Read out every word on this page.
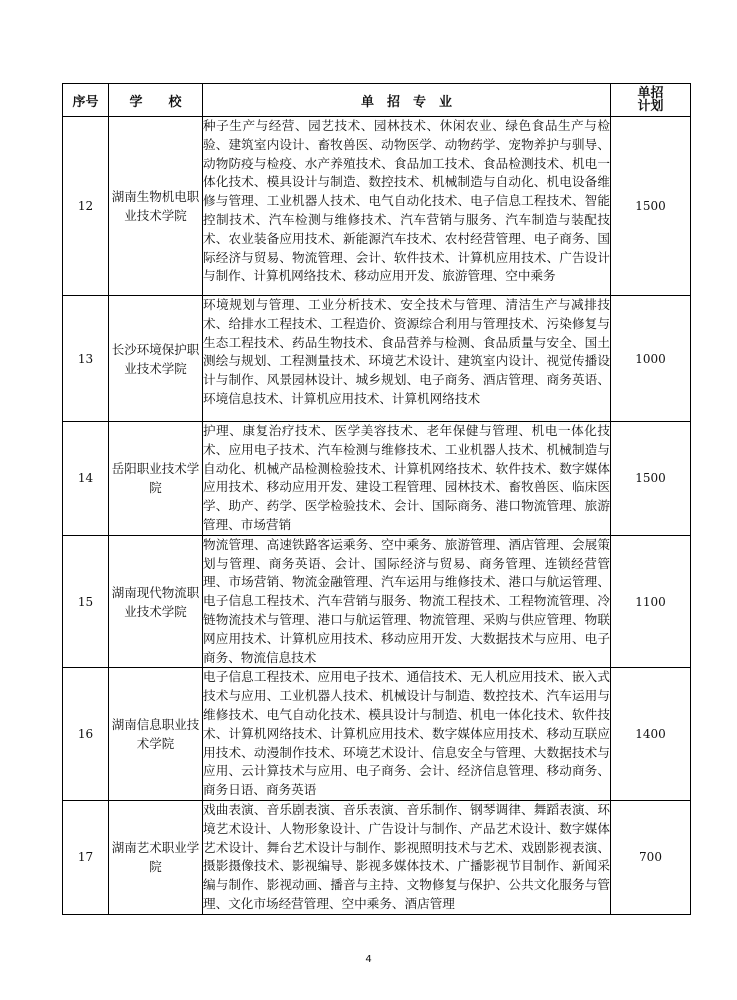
序号	学　　校	单　招　专　业	单招
计划

12	湖南生物机电职业技术学院	种子生产与经营、园艺技术、园林技术、休闲农业、绿色食品生产与检验、建筑室内设计、畜牧兽医、动物医学、动物药学、宠物养护与驯导、动物防疫与检疫、水产养殖技术、食品加工技术、食品检测技术、机电一体化技术、模具设计与制造、数控技术、机械制造与自动化、机电设备维修与管理、工业机器人技术、电气自动化技术、电子信息工程技术、智能控制技术、汽车检测与维修技术、汽车营销与服务、汽车制造与装配技术、农业装备应用技术、新能源汽车技术、农村经营管理、电子商务、国际经济与贸易、物流管理、会计、软件技术、计算机应用技术、广告设计与制作、计算机网络技术、移动应用开发、旅游管理、空中乘务	1500
13	长沙环境保护职业技术学院	环境规划与管理、工业分析技术、安全技术与管理、清洁生产与减排技术、给排水工程技术、工程造价、资源综合利用与管理技术、污染修复与生态工程技术、药品生物技术、食品营养与检测、食品质量与安全、国土测绘与规划、工程测量技术、环境艺术设计、建筑室内设计、视觉传播设计与制作、风景园林设计、城乡规划、电子商务、酒店管理、商务英语、环境信息技术、计算机应用技术、计算机网络技术	1000
14	岳阳职业技术学院	护理、康复治疗技术、医学美容技术、老年保健与管理、机电一体化技术、应用电子技术、汽车检测与维修技术、工业机器人技术、机械制造与自动化、机械产品检测检验技术、计算机网络技术、软件技术、数字媒体应用技术、移动应用开发、建设工程管理、园林技术、畜牧兽医、临床医学、助产、药学、医学检验技术、会计、国际商务、港口物流管理、旅游管理、市场营销	1500
15	湖南现代物流职业技术学院	物流管理、高速铁路客运乘务、空中乘务、旅游管理、酒店管理、会展策划与管理、商务英语、会计、国际经济与贸易、商务管理、连锁经营管理、市场营销、物流金融管理、汽车运用与维修技术、港口与航运管理、电子信息工程技术、汽车营销与服务、物流工程技术、工程物流管理、冷链物流技术与管理、港口与航运管理、物流管理、采购与供应管理、物联网应用技术、计算机应用技术、移动应用开发、大数据技术与应用、电子商务、物流信息技术	1100
16	湖南信息职业技术学院	电子信息工程技术、应用电子技术、通信技术、无人机应用技术、嵌入式技术与应用、工业机器人技术、机械设计与制造、数控技术、汽车运用与维修技术、电气自动化技术、模具设计与制造、机电一体化技术、软件技术、计算机网络技术、计算机应用技术、数字媒体应用技术、移动互联应用技术、动漫制作技术、环境艺术设计、信息安全与管理、大数据技术与应用、云计算技术与应用、电子商务、会计、经济信息管理、移动商务、商务日语、商务英语	1400
17	湖南艺术职业学院	戏曲表演、音乐剧表演、音乐表演、音乐制作、钢琴调律、舞蹈表演、环境艺术设计、人物形象设计、广告设计与制作、产品艺术设计、数字媒体艺术设计、舞台艺术设计与制作、影视照明技术与艺术、戏剧影视表演、摄影摄像技术、影视编导、影视多媒体技术、广播影视节目制作、新闻采编与制作、影视动画、播音与主持、文物修复与保护、公共文化服务与管理、文化市场经营管理、空中乘务、酒店管理	700
4
